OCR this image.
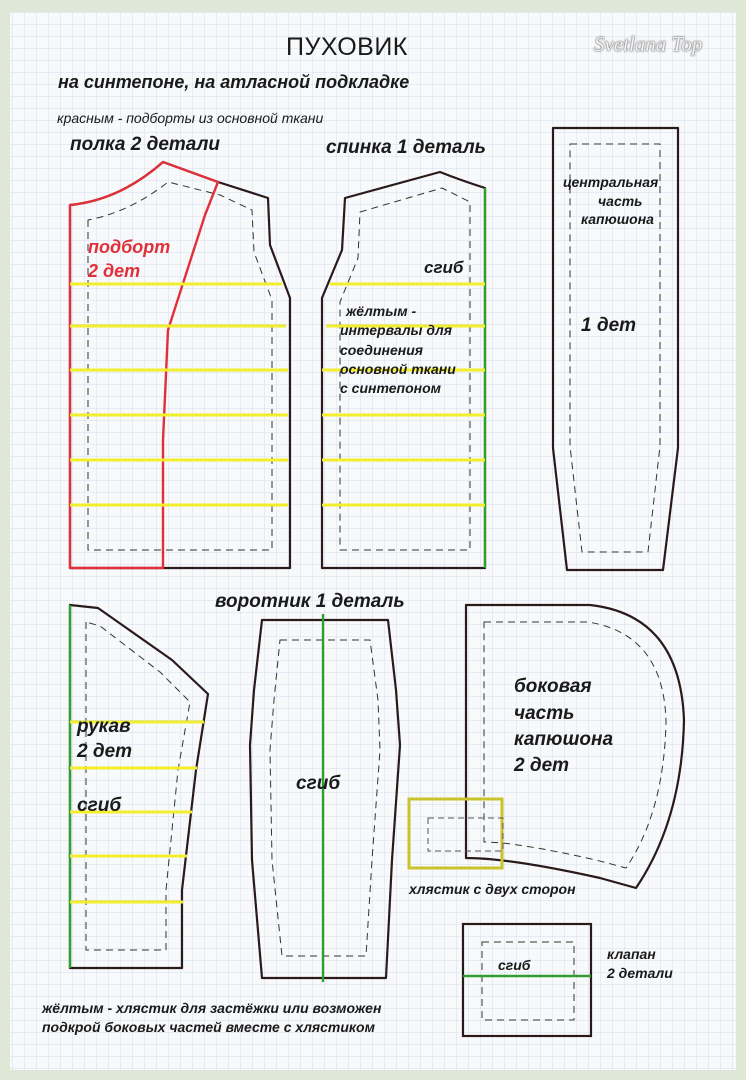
ПУХОВИК	Svetlana Top
на синтепоне, на атласной подкладке
красным - подборты из основной ткани
полка 2 детали
подборт
2 дет
спинка 1 деталь
сгиб
жёлтым -
интервалы для
соединения
основной ткани
с синтепоном
центральная
часть
капюшона
1 дет
воротник 1 деталь
сгиб
рукав
2 дет
сгиб
боковая
часть
капюшона
2 дет
хлястик с двух сторон
сгиб
клапан
2 детали
жёлтым - хлястик для застёжки или возможен
подкрой боковых частей вместе с хлястиком
